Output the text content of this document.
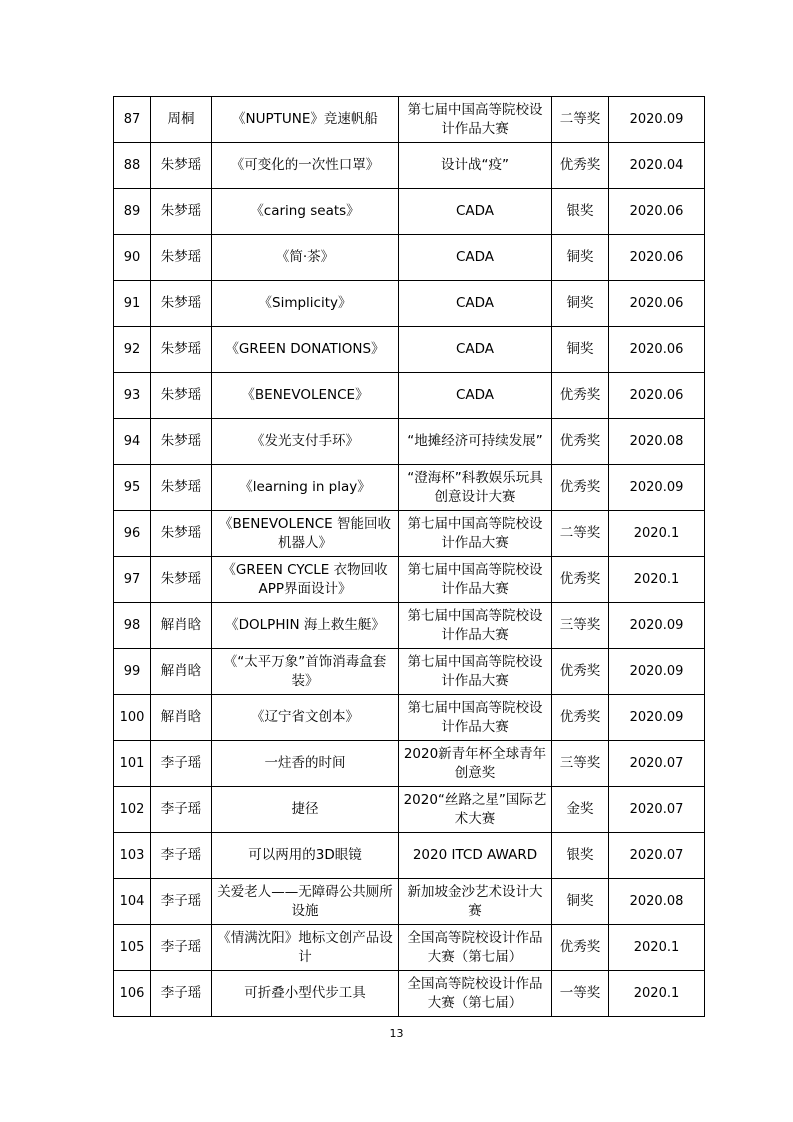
87	周桐	《NUPTUNE》竞速帆船	第七届中国高等院校设计作品大赛	二等奖	2020.09
88	朱梦瑶	《可变化的一次性口罩》	设计战“疫”	优秀奖	2020.04
89	朱梦瑶	《caring seats》	CADA	银奖	2020.06
90	朱梦瑶	《简·茶》	CADA	铜奖	2020.06
91	朱梦瑶	《Simplicity》	CADA	铜奖	2020.06
92	朱梦瑶	《GREEN DONATIONS》	CADA	铜奖	2020.06
93	朱梦瑶	《BENEVOLENCE》	CADA	优秀奖	2020.06
94	朱梦瑶	《发光支付手环》	“地摊经济可持续发展”	优秀奖	2020.08
95	朱梦瑶	《learning in play》	“澄海杯”科教娱乐玩具创意设计大赛	优秀奖	2020.09
96	朱梦瑶	《BENEVOLENCE 智能回收机器人》	第七届中国高等院校设计作品大赛	二等奖	2020.1
97	朱梦瑶	《GREEN CYCLE 衣物回收APP界面设计》	第七届中国高等院校设计作品大赛	优秀奖	2020.1
98	解肖晗	《DOLPHIN 海上救生艇》	第七届中国高等院校设计作品大赛	三等奖	2020.09
99	解肖晗	《“太平万象”首饰消毒盒套装》	第七届中国高等院校设计作品大赛	优秀奖	2020.09
100	解肖晗	《辽宁省文创本》	第七届中国高等院校设计作品大赛	优秀奖	2020.09
101	李子瑶	一炷香的时间	2020新青年杯全球青年创意奖	三等奖	2020.07
102	李子瑶	捷径	2020“丝路之星”国际艺术大赛	金奖	2020.07
103	李子瑶	可以两用的3D眼镜	2020 ITCD AWARD	银奖	2020.07
104	李子瑶	关爱老人——无障碍公共厕所设施	新加坡金沙艺术设计大赛	铜奖	2020.08
105	李子瑶	《情满沈阳》地标文创产品设计	全国高等院校设计作品大赛（第七届）	优秀奖	2020.1
106	李子瑶	可折叠小型代步工具	全国高等院校设计作品大赛（第七届）	一等奖	2020.1
13
